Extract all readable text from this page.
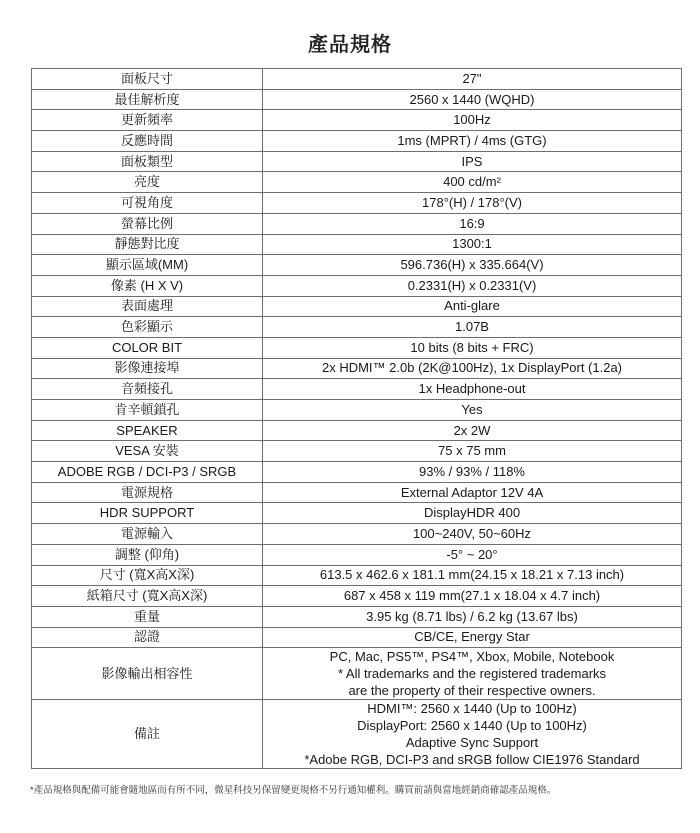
產品規格
面板尺寸	27"
最佳解析度	2560 x 1440 (WQHD)
更新頻率	100Hz
反應時間	1ms (MPRT) / 4ms (GTG)
面板類型	IPS
亮度	400 cd/m²
可視角度	178°(H) / 178°(V)
螢幕比例	16:9
靜態對比度	1300:1
顯示區域(MM)	596.736(H) x 335.664(V)
像素 (H X V)	0.2331(H) x 0.2331(V)
表面處理	Anti-glare
色彩顯示	1.07B
COLOR BIT	10 bits (8 bits + FRC)
影像連接埠	2x HDMI™ 2.0b (2K@100Hz), 1x DisplayPort (1.2a)
音頻接孔	1x Headphone-out
肯辛頓鎖孔	Yes
SPEAKER	2x 2W
VESA 安裝	75 x 75 mm
ADOBE RGB / DCI-P3 / SRGB	93% / 93% / 118%
電源規格	External Adaptor 12V 4A
HDR SUPPORT	DisplayHDR 400
電源輸入	100~240V, 50~60Hz
調整 (仰角)	-5° ~ 20°
尺寸 (寬X高X深)	613.5 x 462.6 x 181.1 mm(24.15 x 18.21 x 7.13 inch)
紙箱尺寸 (寬X高X深)	687 x 458 x 119 mm(27.1 x 18.04 x 4.7 inch)
重量	3.95 kg (8.71 lbs) / 6.2 kg (13.67 lbs)
認證	CB/CE, Energy Star
影像輸出相容性	PC, Mac, PS5™, PS4™, Xbox, Mobile, Notebook
* All trademarks and the registered trademarks
are the property of their respective owners.

備註	HDMI™: 2560 x 1440 (Up to 100Hz)
DisplayPort: 2560 x 1440 (Up to 100Hz)
Adaptive Sync Support
*Adobe RGB, DCI-P3 and sRGB follow CIE1976 Standard
*產品規格與配備可能會隨地區而有所不同，微星科技另保留變更規格不另行通知權利。購買前請與當地經銷商確認產品規格。
